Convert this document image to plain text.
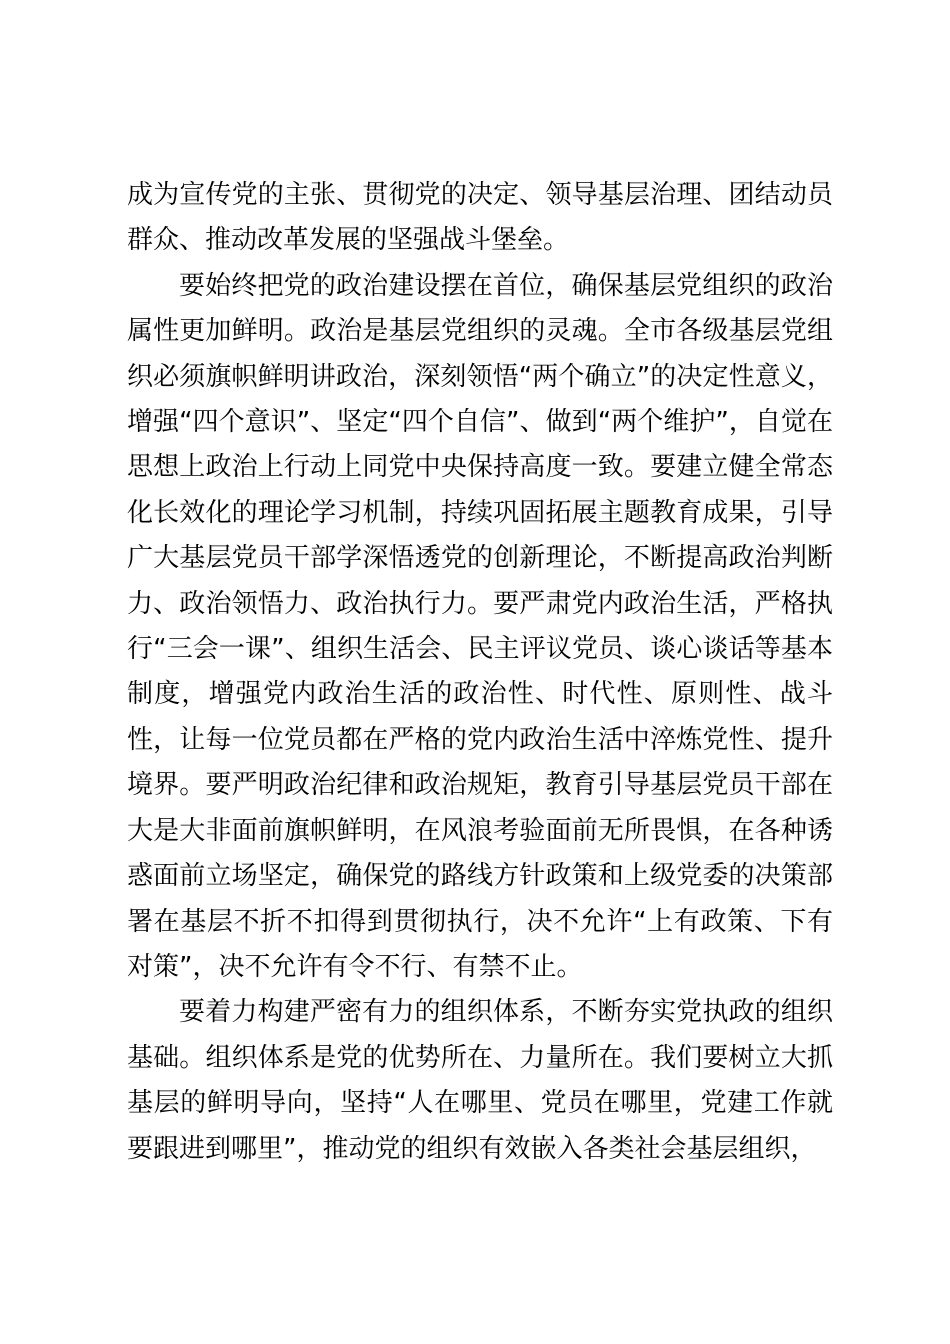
成为宣传党的主张、贯彻党的决定、领导基层治理、团结动员群众、推动改革发展的坚强战斗堡垒。

要始终把党的政治建设摆在首位，确保基层党组织的政治属性更加鲜明。政治是基层党组织的灵魂。全市各级基层党组织必须旗帜鲜明讲政治，深刻领悟“两个确立”的决定性意义，增强“四个意识”、坚定“四个自信”、做到“两个维护”，自觉在思想上政治上行动上同党中央保持高度一致。要建立健全常态化长效化的理论学习机制，持续巩固拓展主题教育成果，引导广大基层党员干部学深悟透党的创新理论，不断提高政治判断力、政治领悟力、政治执行力。要严肃党内政治生活，严格执行“三会一课”、组织生活会、民主评议党员、谈心谈话等基本制度，增强党内政治生活的政治性、时代性、原则性、战斗性，让每一位党员都在严格的党内政治生活中淬炼党性、提升境界。要严明政治纪律和政治规矩，教育引导基层党员干部在大是大非面前旗帜鲜明，在风浪考验面前无所畏惧，在各种诱惑面前立场坚定，确保党的路线方针政策和上级党委的决策部署在基层不折不扣得到贯彻执行，决不允许“上有政策、下有对策”，决不允许有令不行、有禁不止。

要着力构建严密有力的组织体系，不断夯实党执政的组织基础。组织体系是党的优势所在、力量所在。我们要树立大抓基层的鲜明导向，坚持“人在哪里、党员在哪里，党建工作就要跟进到哪里”，推动党的组织有效嵌入各类社会基层组织，
